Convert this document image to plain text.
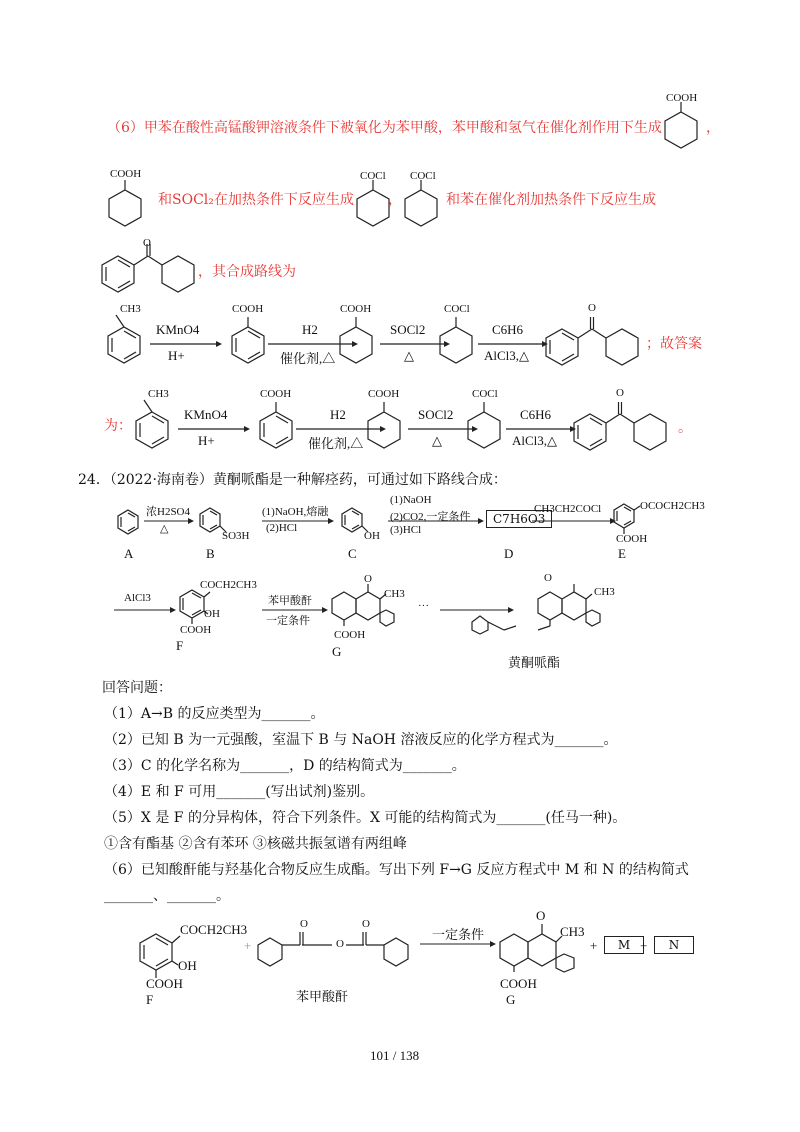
（6）甲苯在酸性高锰酸钾溶液条件下被氧化为苯甲酸，苯甲酸和氢气在催化剂作用下生成	，
COOH
COOH
和SOCl₂在加热条件下反应生成
COCl
，
COCl
和苯在催化剂加热条件下反应生成
O
，其合成路线为
CH3
KMnO4
H+
COOH
H2
催化剂,△
COOH
SOCl2
△
COCl
C6H6
AlCl3,△
O
；故答案
为：
CH3
KMnO4
H+
COOH
H2
催化剂,△
COOH
SOCl2
△
COCl
C6H6
AlCl3,△
O
。
24．（2022·海南卷）黄酮哌酯是一种解痉药，可通过如下路线合成：
A
浓H2SO4
△
SO3H
B
(1)NaOH,熔融
(2)HCl
OH
C
(1)NaOH
(2)CO2,一定条件
(3)HCl
C7H6O3
D
CH3CH2COCl	OCOCH2CH3
COOH
E
AlCl3
COCH2CH3
OH
COOH
F
苯甲酸酐
一定条件
O
CH3
COOH
G
···
O
CH3
黄酮哌酯
回答问题：
（1）A→B 的反应类型为_______。
（2）已知 B 为一元强酸，室温下 B 与 NaOH 溶液反应的化学方程式为_______。
（3）C 的化学名称为_______，D 的结构简式为_______。
（4）E 和 F 可用_______(写出试剂)鉴别。
（5）X 是 F 的分异构体，符合下列条件。X 可能的结构简式为_______(任马一种)。
①含有酯基 ②含有苯环 ③核磁共振氢谱有两组峰
（6）已知酸酐能与羟基化合物反应生成酯。写出下列 F→G 反应方程式中 M 和 N 的结构简式
_______、_______。
COCH2CH3
OH
COOH
F
+
O
O
O
苯甲酸酐
一定条件
O
CH3
COOH
G
+	M +	N
101 / 138
